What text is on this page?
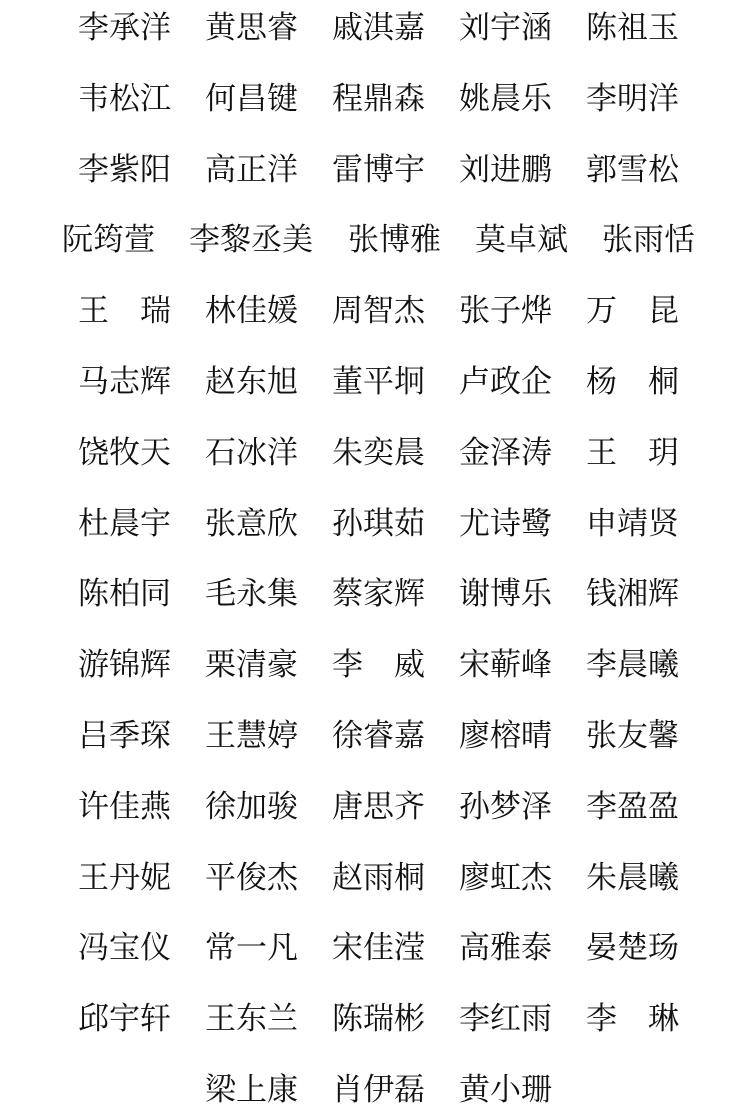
李承洋 黄思睿 戚淇嘉 刘宇涵 陈祖玉
韦松江 何昌键 程鼎森 姚晨乐 李明洋
李紫阳 高正洋 雷博宇 刘进鹏 郭雪松
阮筠萱 李黎丞美 张博雅 莫卓斌 张雨恬
王　瑞 林佳媛 周智杰 张子烨 万　昆
马志辉 赵东旭 董平坰 卢政企 杨　桐
饶牧天 石冰洋 朱奕晨 金泽涛 王　玥
杜晨宇 张意欣 孙琪茹 尤诗鹭 申靖贤
陈柏同 毛永集 蔡家辉 谢博乐 钱湘辉
游锦辉 栗清豪 李　威 宋蕲峰 李晨曦
吕季琛 王慧婷 徐睿嘉 廖榕晴 张友馨
许佳燕 徐加骏 唐思齐 孙梦泽 李盈盈
王丹妮 平俊杰 赵雨桐 廖虹杰 朱晨曦
冯宝仪 常一凡 宋佳滢 高雅泰 晏楚玚
邱宇轩 王东兰 陈瑞彬 李红雨 李　琳
梁上康 肖伊磊 黄小珊
